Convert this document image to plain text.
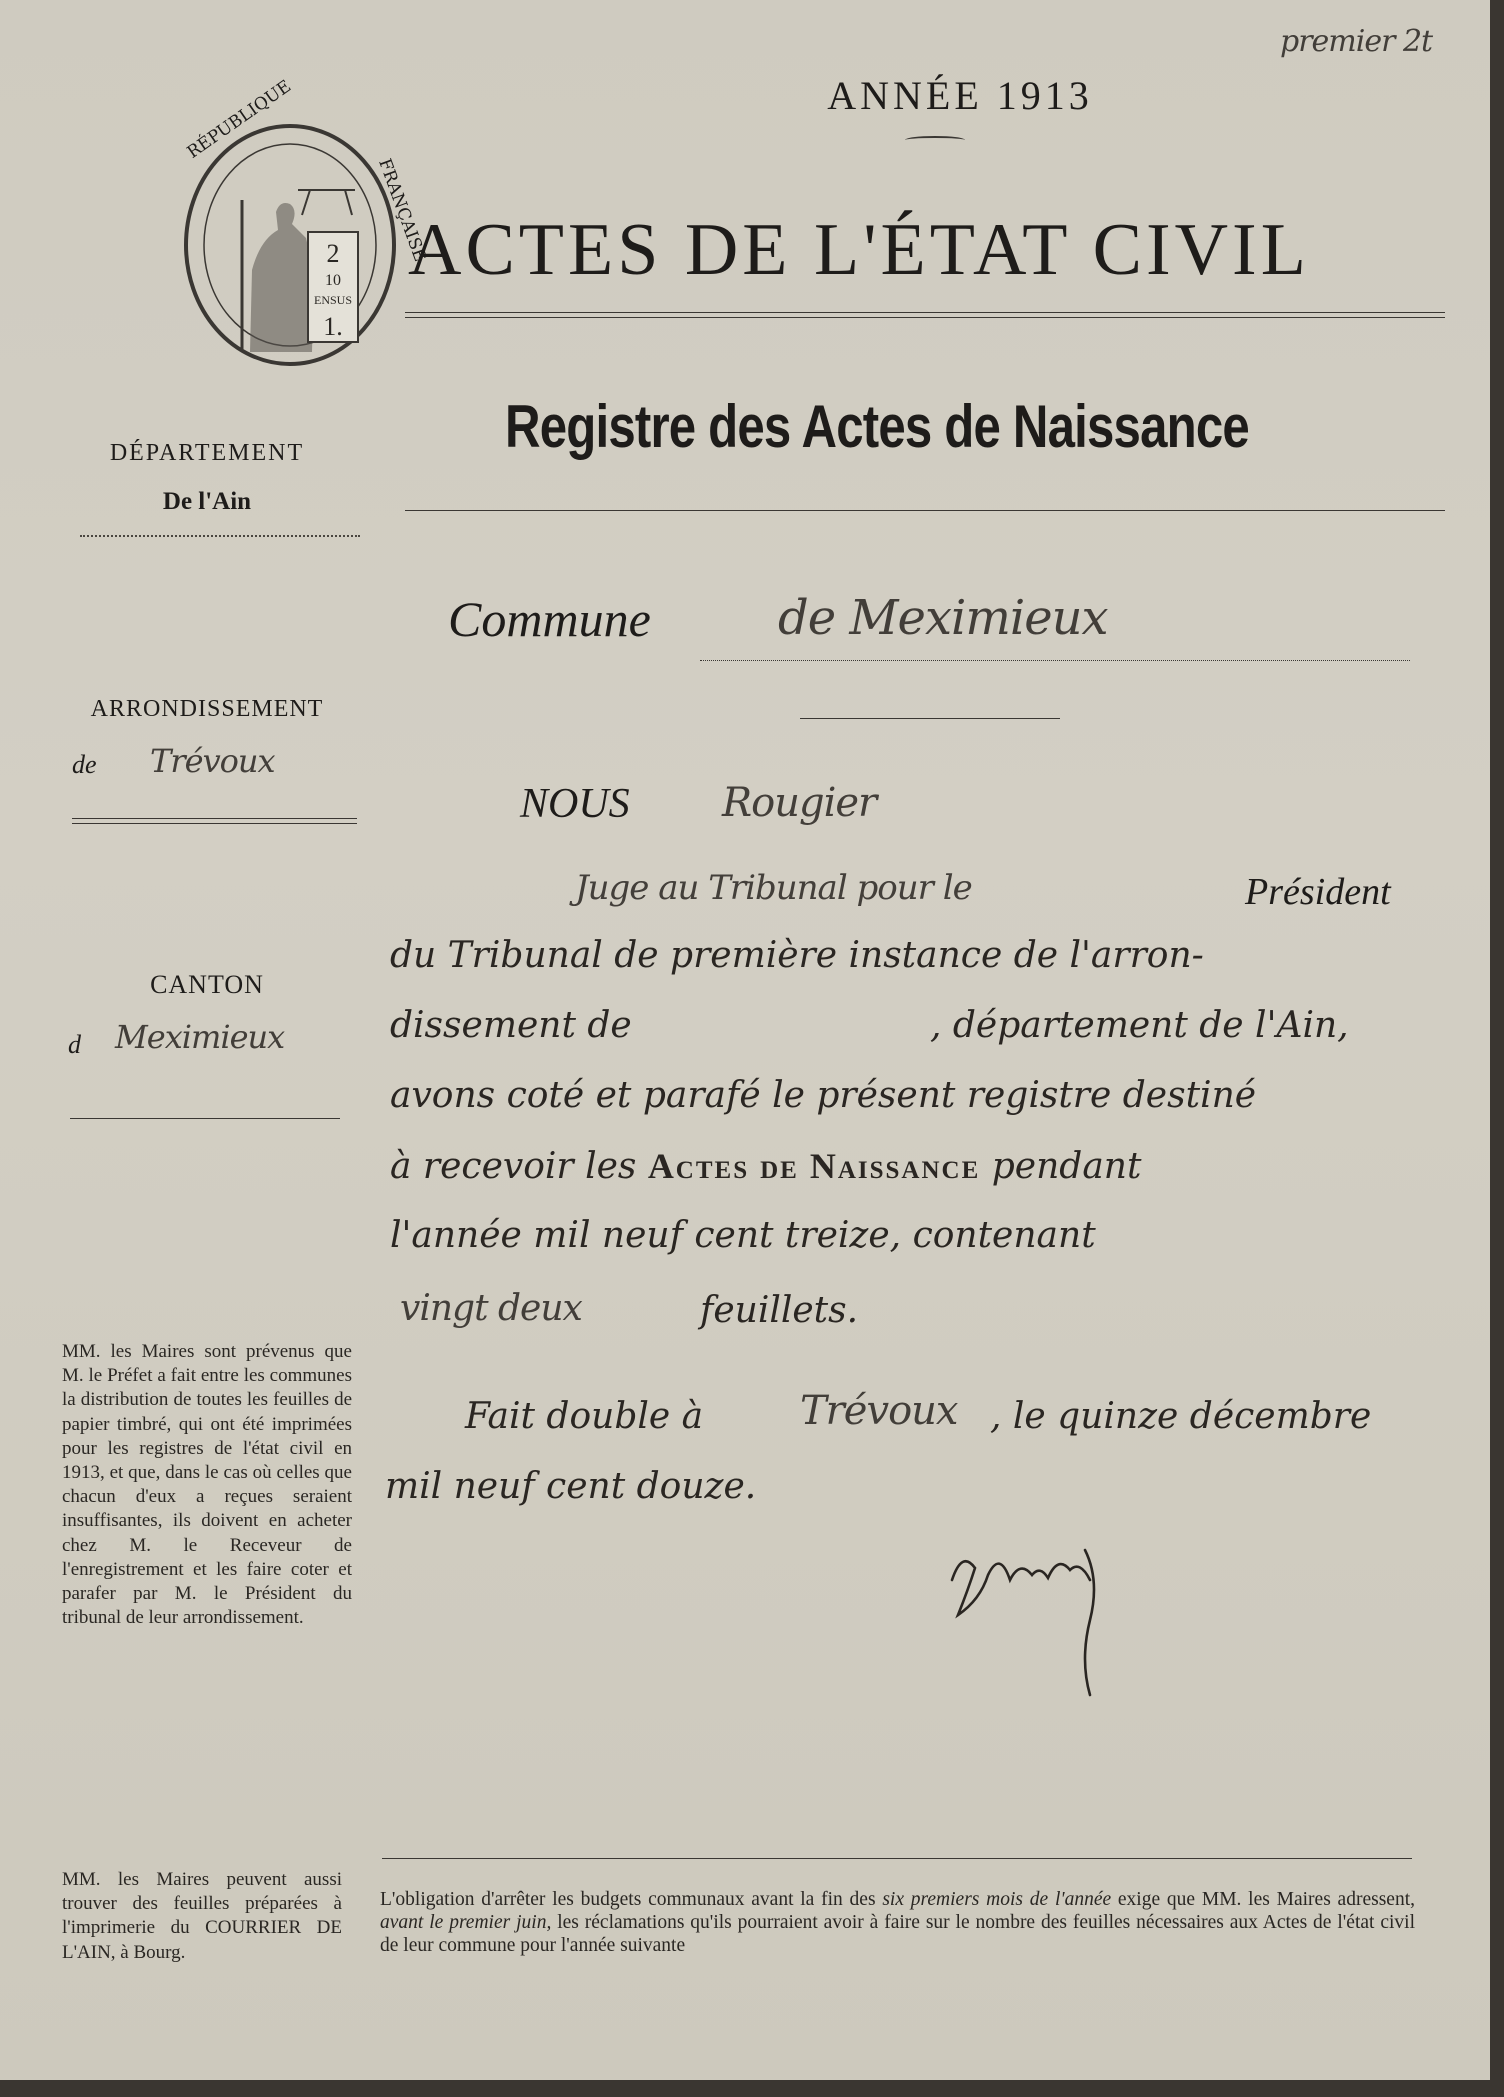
premier 2t
ANNÉE 1913
2
10
ENSUS
1.
RÉPUBLIQUE
FRANÇAISE
ACTES DE L'ÉTAT CIVIL
Registre des Actes de Naissance
DÉPARTEMENT
De l'Ain
ARRONDISSEMENT
de Trévoux
CANTON
d Meximieux
MM. les Maires sont prévenus que M. le Préfet a fait entre les communes la distribution de toutes les feuilles de papier timbré, qui ont été imprimées pour les registres de l'état civil en 1913, et que, dans le cas où celles que chacun d'eux a reçues seraient insuffisantes, ils doivent en acheter chez M. le Receveur de l'enregistrement et les faire coter et parafer par M. le Président du tribunal de leur arrondissement.
MM. les Maires peuvent aussi trouver des feuilles préparées à l'imprimerie du COURRIER DE L'AIN, à Bourg.
Commune	de Meximieux
NOUS Rougier
Juge au Tribunal pour le	Président
du Tribunal de première instance de l'arron-
dissement de	, département de l'Ain,
avons coté et parafé le présent registre destiné
à recevoir les Actes de Naissance pendant
l'année mil neuf cent treize, contenant
vingt deux	feuillets.
Fait double à Trévoux , le quinze décembre
mil neuf cent douze.
L'obligation d'arrêter les budgets communaux avant la fin des six premiers mois de l'année exige que MM. les Maires adressent, avant le premier juin, les réclamations qu'ils pourraient avoir à faire sur le nombre des feuilles nécessaires aux Actes de l'état civil de leur commune pour l'année suivante
